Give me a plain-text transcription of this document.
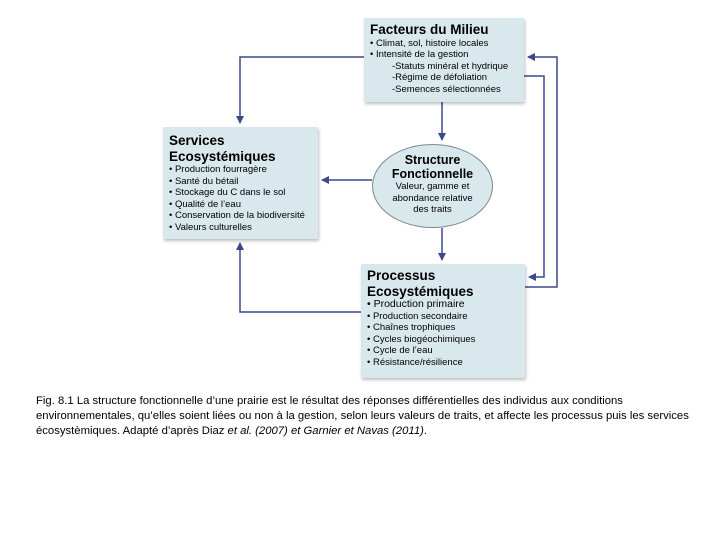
Facteurs du Milieu
• Climat, sol, histoire locales
• Intensité de la gestion
-Statuts minéral et hydrique
-Régime de défoliation
-Semences sélectionnées
Services
Ecosystémiques
• Production fourragère
• Santé du bétail
• Stockage du C dans le sol
• Qualité de l’eau
• Conservation de la biodiversité
• Valeurs culturelles
Structure
Fonctionnelle
Valeur, gamme et
abondance relative
des traits
Processus
Ecosystémiques
• Production primaire
• Production secondaire
• Chaînes trophiques
• Cycles biogéochimiques
• Cycle de l’eau
• Résistance/résilience
Fig. 8.1 La structure fonctionnelle d’une prairie est le résultat des réponses différentielles des individus aux conditions environnementales, qu’elles soient liées ou non à la gestion, selon leurs valeurs de traits, et affecte les processus puis les services écosystèmiques. Adapté d’après Diaz et al. (2007) et Garnier et Navas (2011).
